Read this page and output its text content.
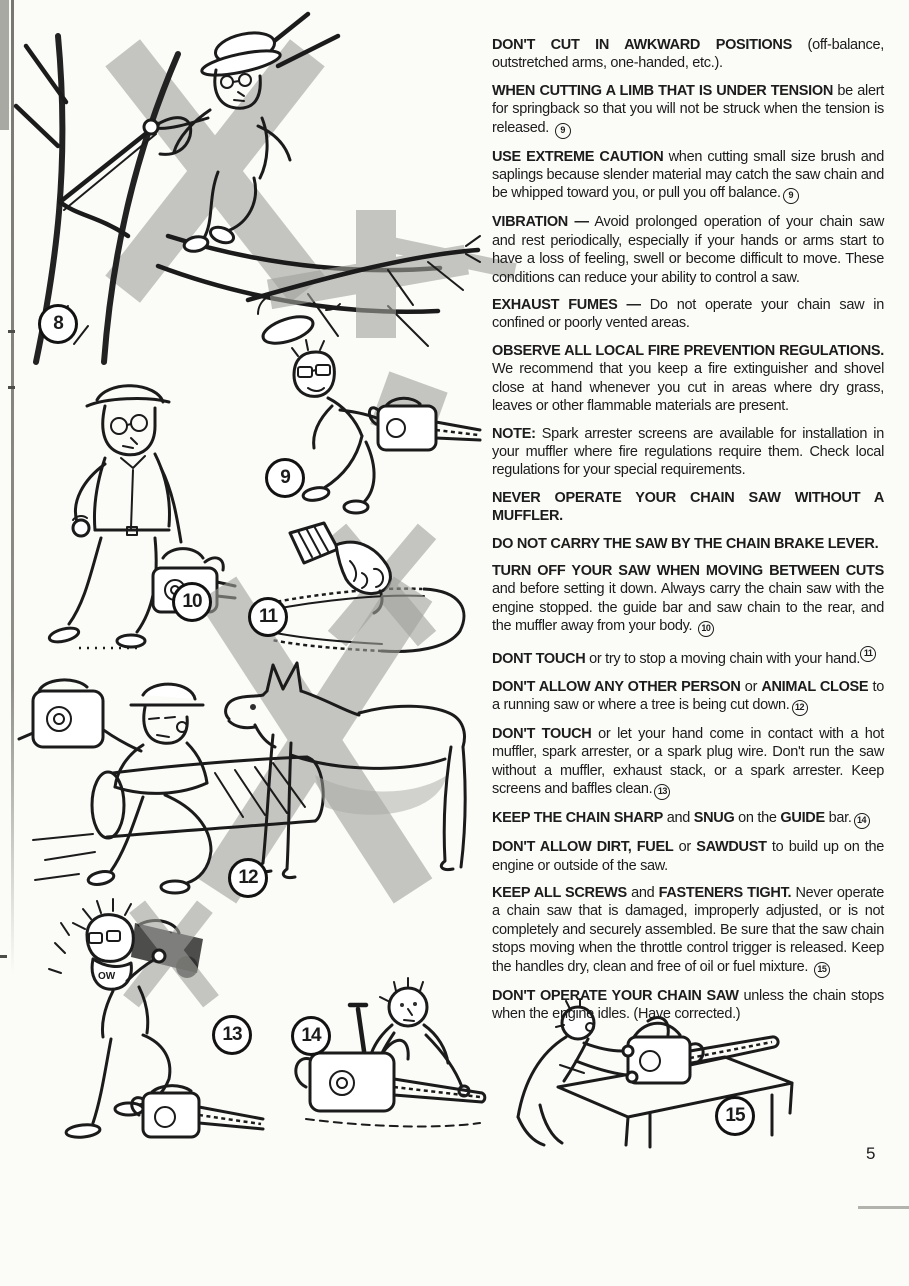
OW
8
9
10
11
12
13	14
15

DON'T CUT IN AWKWARD POSITIONS (off-balance, outstretched arms, one-handed, etc.).

WHEN CUTTING A LIMB THAT IS UNDER TENSION be alert for springback so that you will not be struck when the tension is released. 9

USE EXTREME CAUTION when cutting small size brush and saplings because slender material may catch the saw chain and be whipped toward you, or pull you off balance. 9

VIBRATION — Avoid prolonged operation of your chain saw and rest periodically, especially if your hands or arms start to have a loss of feeling, swell or become difficult to move. These conditions can reduce your ability to control a saw.

EXHAUST FUMES — Do not operate your chain saw in confined or poorly vented areas.

OBSERVE ALL LOCAL FIRE PREVENTION REGULATIONS. We recommend that you keep a fire extinguisher and shovel close at hand whenever you cut in areas where dry grass, leaves or other flammable materials are present.

NOTE: Spark arrester screens are available for installation in your muffler where fire regulations require them. Check local regulations for your special requirements.

NEVER OPERATE YOUR CHAIN SAW WITHOUT A MUFFLER.

DO NOT CARRY THE SAW BY THE CHAIN BRAKE LEVER.

TURN OFF YOUR SAW WHEN MOVING BETWEEN CUTS and before setting it down. Always carry the chain saw with the engine stopped. the guide bar and saw chain to the rear, and the muffler away from your body. 10

DONT TOUCH or try to stop a moving chain with your hand. 11

DON'T ALLOW ANY OTHER PERSON or ANIMAL CLOSE to a running saw or where a tree is being cut down. 12

DON'T TOUCH or let your hand come in contact with a hot muffler, spark arrester, or a spark plug wire. Don't run the saw without a muffler, exhaust stack, or a spark arrester. Keep screens and baffles clean. 13

KEEP THE CHAIN SHARP and SNUG on the GUIDE bar. 14

DON'T ALLOW DIRT, FUEL or SAWDUST to build up on the engine or outside of the saw.

KEEP ALL SCREWS and FASTENERS TIGHT. Never operate a chain saw that is damaged, improperly adjusted, or is not completely and securely assembled. Be sure that the saw chain stops moving when the throttle control trigger is released. Keep the handles dry, clean and free of oil or fuel mixture. 15

DON'T OPERATE YOUR CHAIN SAW unless the chain stops when the engine idles. (Have corrected.)

5
